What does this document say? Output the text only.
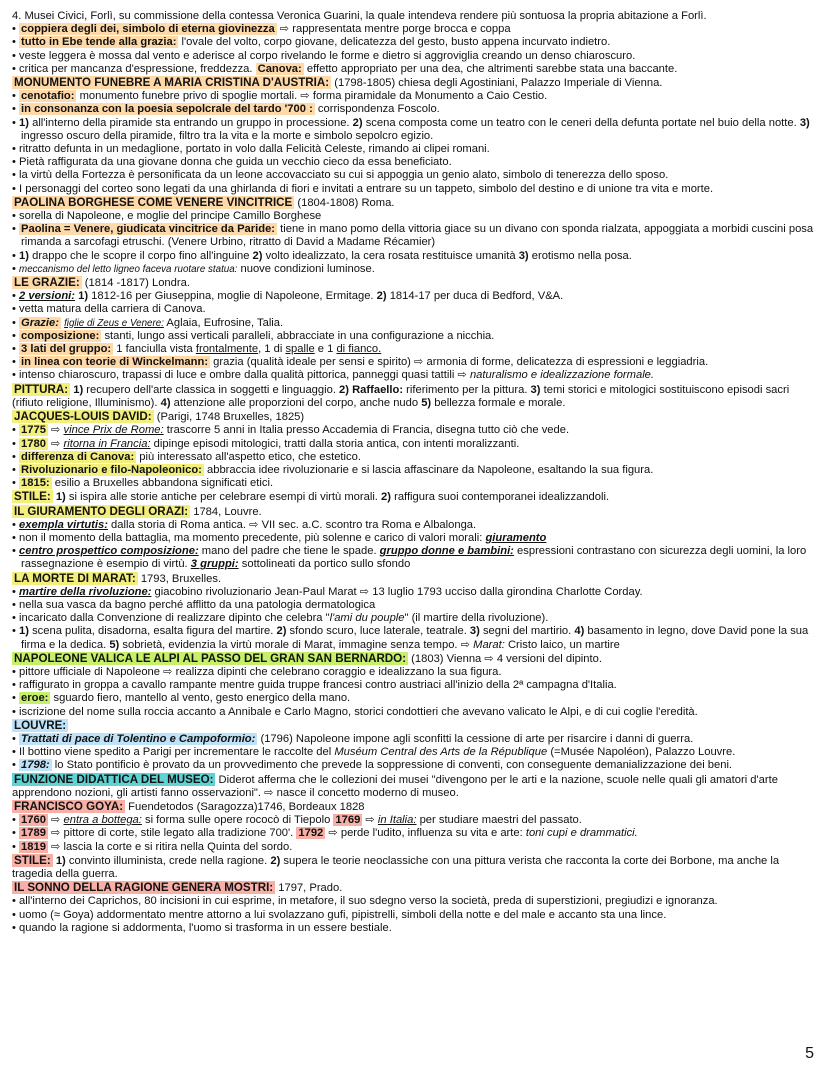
4. Musei Civici, Forlì, su commissione della contessa Veronica Guarini, la quale intendeva rendere più sontuosa la propria abitazione a Forlì.
• coppiera degli dei, simbolo di eterna giovinezza ⇨ rappresentata mentre porge brocca e coppa
• tutto in Ebe tende alla grazia: l'ovale del volto, corpo giovane, delicatezza del gesto, busto appena incurvato indietro.
• veste leggera è mossa dal vento e aderisce al corpo rivelando le forme e dietro si aggroviglia creando un denso chiaroscuro.
• critica per mancanza d'espressione, freddezza. Canova: effetto appropriato per una dea, che altrimenti sarebbe stata una baccante.
MONUMENTO FUNEBRE A MARIA CRISTINA D'AUSTRIA: (1798-1805) chiesa degli Agostiniani, Palazzo Imperiale di Vienna.
• cenotafio: monumento funebre privo di spoglie mortali. ⇨ forma piramidale da Monumento a Caio Cestio.
• in consonanza con la poesia sepolcrale del tardo '700 : corrispondenza Foscolo.
• 1) all'interno della piramide sta entrando un gruppo in processione. 2) scena composta come un teatro con le ceneri della defunta portate nel buio della notte. 3) ingresso oscuro della piramide, filtro tra la vita e la morte e simbolo sepolcro egizio.
• ritratto defunta in un medaglione, portato in volo dalla Felicità Celeste, rimando ai clipei romani.
• Pietà raffigurata da una giovane donna che guida un vecchio cieco da essa beneficiato.
• la virtù della Fortezza è personificata da un leone accovacciato su cui si appoggia un genio alato, simbolo di tenerezza dello sposo.
• I personaggi del corteo sono legati da una ghirlanda di fiori e invitati a entrare su un tappeto, simbolo del destino e di unione tra vita e morte.
PAOLINA BORGHESE COME VENERE VINCITRICE (1804-1808) Roma.
• sorella di Napoleone, e moglie del principe Camillo Borghese
• Paolina = Venere, giudicata vincitrice da Paride: tiene in mano pomo della vittoria giace su un divano con sponda rialzata, appoggiata a morbidi cuscini posa rimanda a sarcofagi etruschi. (Venere Urbino, ritratto di David a Madame Récamier)
• 1) drappo che le scopre il corpo fino all'inguine 2) volto idealizzato, la cera rosata restituisce umanità 3) erotismo nella posa.
• meccanismo del letto ligneo faceva ruotare statua: nuove condizioni luminose.
LE GRAZIE: (1814 -1817) Londra.
• 2 versioni: 1) 1812-16 per Giuseppina, moglie di Napoleone, Ermitage. 2) 1814-17 per duca di Bedford, V&A.
• vetta matura della carriera di Canova.
• Grazie: figlie di Zeus e Venere: Aglaia, Eufrosine, Talia.
• composizione: stanti, lungo assi verticali paralleli, abbracciate in una configurazione a nicchia.
• 3 lati del gruppo: 1 fanciulla vista frontalmente, 1 di spalle e 1 di fianco.
• in linea con teorie di Winckelmann: grazia (qualità ideale per sensi e spirito) ⇨ armonia di forme, delicatezza di espressioni e leggiadria.
• intenso chiaroscuro, trapassi di luce e ombre dalla qualità pittorica, panneggi quasi tattili ⇨ naturalismo e idealizzazione formale.
PITTURA: 1) recupero dell'arte classica in soggetti e linguaggio. 2) Raffaello: riferimento per la pittura. 3) temi storici e mitologici sostituiscono episodi sacri (rifiuto religione, Illuminismo). 4) attenzione alle proporzioni del corpo, anche nudo 5) bellezza formale e morale.
JACQUES-LOUIS DAVID: (Parigi, 1748 Bruxelles, 1825)
• 1775 ⇨ vince Prix de Rome: trascorre 5 anni in Italia presso Accademia di Francia, disegna tutto ciò che vede.
• 1780 ⇨ ritorna in Francia: dipinge episodi mitologici, tratti dalla storia antica, con intenti moralizzanti.
• differenza di Canova: più interessato all'aspetto etico, che estetico.
• Rivoluzionario e filo-Napoleonico: abbraccia idee rivoluzionarie e si lascia affascinare da Napoleone, esaltando la sua figura.
• 1815: esilio a Bruxelles abbandona significati etici.
STILE: 1) si ispira alle storie antiche per celebrare esempi di virtù morali. 2) raffigura suoi contemporanei idealizzandoli.
IL GIURAMENTO DEGLI ORAZI: 1784, Louvre.
• exempla virtutis: dalla storia di Roma antica. ⇨ VII sec. a.C. scontro tra Roma e Albalonga.
• non il momento della battaglia, ma momento precedente, più solenne e carico di valori morali: giuramento
• centro prospettico composizione: mano del padre che tiene le spade. gruppo donne e bambini: espressioni contrastano con sicurezza degli uomini, la loro rassegnazione è esempio di virtù. 3 gruppi: sottolineati da portico sullo sfondo
LA MORTE DI MARAT: 1793, Bruxelles.
• martire della rivoluzione: giacobino rivoluzionario Jean-Paul Marat ⇨ 13 luglio 1793 ucciso dalla girondina Charlotte Corday.
• nella sua vasca da bagno perché afflitto da una patologia dermatologica
• incaricato dalla Convenzione di realizzare dipinto che celebra "l'ami du pouple" (il martire della rivoluzione).
• 1) scena pulita, disadorna, esalta figura del martire. 2) sfondo scuro, luce laterale, teatrale. 3) segni del martirio. 4) basamento in legno, dove David pone la sua firma e la dedica. 5) sobrietà, evidenzia la virtù morale di Marat, immagine senza tempo. ⇨ Marat: Cristo laico, un martire
NAPOLEONE VALICA LE ALPI AL PASSO DEL GRAN SAN BERNARDO: (1803) Vienna ⇨ 4 versioni del dipinto.
• pittore ufficiale di Napoleone ⇨ realizza dipinti che celebrano coraggio e idealizzano la sua figura.
• raffigurato in groppa a cavallo rampante mentre guida truppe francesi contro austriaci all'inizio della 2ª campagna d'Italia.
• eroe: sguardo fiero, mantello al vento, gesto energico della mano.
• iscrizione del nome sulla roccia accanto a Annibale e Carlo Magno, storici condottieri che avevano valicato le Alpi, e di cui coglie l'eredità.
LOUVRE:
• Trattati di pace di Tolentino e Campoformio: (1796) Napoleone impone agli sconfitti la cessione di arte per risarcire i danni di guerra.
• Il bottino viene spedito a Parigi per incrementare le raccolte del Muséum Central des Arts de la République (=Musée Napoléon), Palazzo Louvre.
• 1798: lo Stato pontificio è provato da un provvedimento che prevede la soppressione di conventi, con conseguente demanializzazione dei beni.
FUNZIONE DIDATTICA DEL MUSEO: Diderot afferma che le collezioni dei musei "divengono per le arti e la nazione, scuole nelle quali gli amatori d'arte apprendono nozioni, gli artisti fanno osservazioni". ⇨ nasce il concetto moderno di museo.
FRANCISCO GOYA: Fuendetodos (Saragozza)1746, Bordeaux 1828
• 1760 ⇨ entra a bottega: si forma sulle opere rococò di Tiepolo 1769 ⇨ in Italia: per studiare maestri del passato.
• 1789 ⇨ pittore di corte, stile legato alla tradizione 700'. 1792 ⇨ perde l'udito, influenza su vita e arte: toni cupi e drammatici.
• 1819 ⇨ lascia la corte e si ritira nella Quinta del sordo.
STILE: 1) convinto illuminista, crede nella ragione. 2) supera le teorie neoclassiche con una pittura verista che racconta la corte dei Borbone, ma anche la tragedia della guerra.
IL SONNO DELLA RAGIONE GENERA MOSTRI: 1797, Prado.
• all'interno dei Caprichos, 80 incisioni in cui esprime, in metafore, il suo sdegno verso la società, preda di superstizioni, pregiudizi e ignoranza.
• uomo (≈ Goya) addormentato mentre attorno a lui svolazzano gufi, pipistrelli, simboli della notte e del male e accanto sta una lince.
• quando la ragione si addormenta, l'uomo si trasforma in un essere bestiale.
5
